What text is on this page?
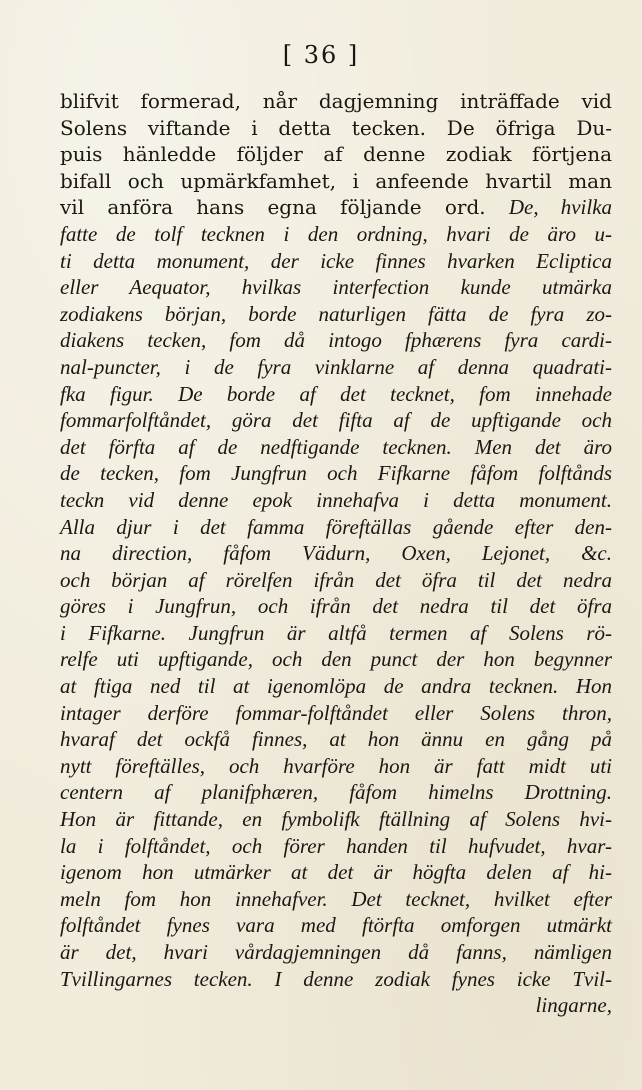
[ 36 ]
blifvit formerad, når dagjemning inträffade vid
Solens viftande i detta tecken. De öfriga Du-
puis hänledde följder af denne zodiak förtjena
bifall och upmärkfamhet, i anfeende hvartil man
vil anföra hans egna följande ord. De, hvilka
fatte de tolf tecknen i den ordning, hvari de äro u-
ti detta monument, der icke finnes hvarken Ecliptica
eller Aequator, hvilkas interfection kunde utmärka
zodiakens början, borde naturligen fätta de fyra zo-
diakens tecken, fom då intogo fphærens fyra cardi-
nal-puncter, i de fyra vinklarne af denna quadrati-
fka figur. De borde af det tecknet, fom innehade
fommarfolftåndet, göra det fifta af de upftigande och
det förfta af de nedftigande tecknen. Men det äro
de tecken, fom Jungfrun och Fifkarne fåfom folftånds
teckn vid denne epok innehafva i detta monument.
Alla djur i det famma föreftällas gående efter den-
na direction, fåfom Vädurn, Oxen, Lejonet, &c.
och början af rörelfen ifrån det öfra til det nedra
göres i Jungfrun, och ifrån det nedra til det öfra
i Fifkarne. Jungfrun är altfå termen af Solens rö-
relfe uti upftigande, och den punct der hon begynner
at ftiga ned til at igenomlöpa de andra tecknen. Hon
intager derföre fommar-folftåndet eller Solens thron,
hvaraf det ockfå finnes, at hon ännu en gång på
nytt föreftälles, och hvarföre hon är fatt midt uti
centern af planifphæren, fåfom himelns Drottning.
Hon är fittande, en fymbolifk ftällning af Solens hvi-
la i folftåndet, och förer handen til hufvudet, hvar-
igenom hon utmärker at det är högfta delen af hi-
meln fom hon innehafver. Det tecknet, hvilket efter
folftåndet fynes vara med ftörfta omforgen utmärkt
är det, hvari vårdagjemningen då fanns, nämligen
Tvillingarnes tecken. I denne zodiak fynes icke Tvil-
lingarne,
